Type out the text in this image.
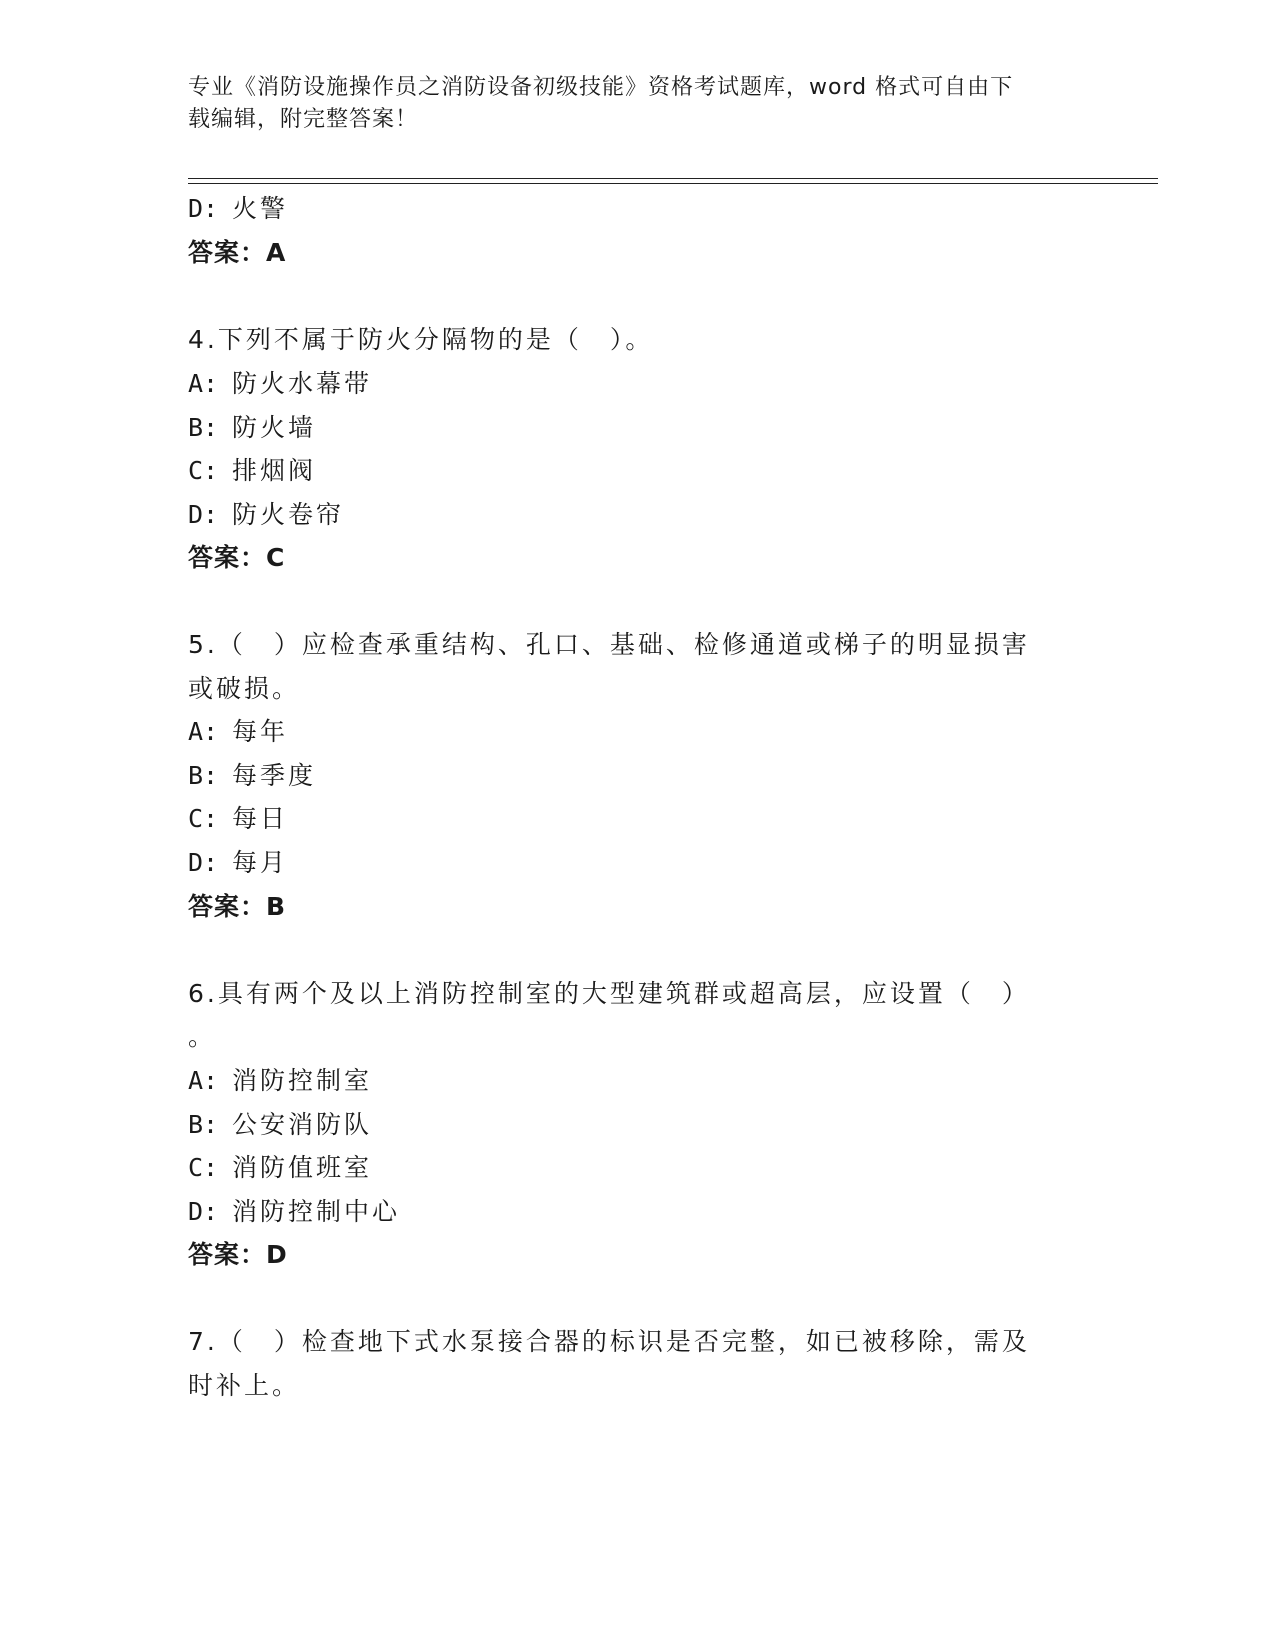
专业《消防设施操作员之消防设备初级技能》资格考试题库，word 格式可自由下
载编辑，附完整答案！
D: 火警
答案：A
4.下列不属于防火分隔物的是（　）。
A: 防火水幕带
B: 防火墙
C: 排烟阀
D: 防火卷帘
答案：C
5.（　）应检查承重结构、孔口、基础、检修通道或梯子的明显损害
或破损。
A: 每年
B: 每季度
C: 每日
D: 每月
答案：B
6.具有两个及以上消防控制室的大型建筑群或超高层，应设置（　）
。
A: 消防控制室
B: 公安消防队
C: 消防值班室
D: 消防控制中心
答案：D
7.（　）检查地下式水泵接合器的标识是否完整，如已被移除，需及
时补上。
